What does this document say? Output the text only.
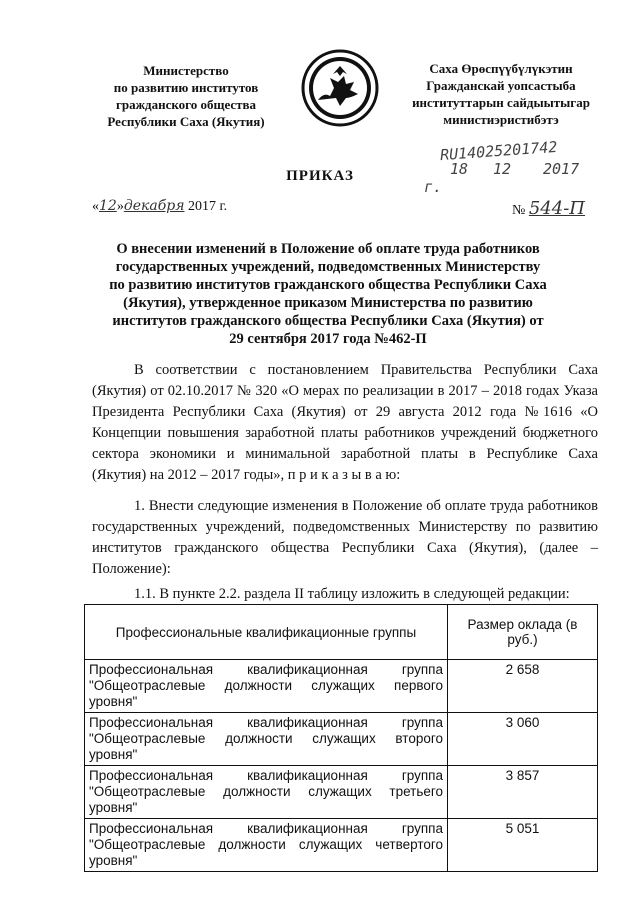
Министерство
по развитию институтов
гражданского общества
Республики Саха (Якутия)
Саха Өрөспүүбүлүкэтин
Гражданскай уопсастыба
институттарын сайдыытыгар
министиэристибэтэ
RU14025201742
18 12 2017 г.
ПРИКАЗ
«12»декабря 2017 г.	№ 544-П
О внесении изменений в Положение об оплате труда работников государственных учреждений, подведомственных Министерству по развитию институтов гражданского общества Республики Саха (Якутия), утвержденное приказом Министерства по развитию институтов гражданского общества Республики Саха (Якутия) от 29 сентября 2017 года №462-П
В соответствии с постановлением Правительства Республики Саха (Якутия) от 02.10.2017 № 320 «О мерах по реализации в 2017 – 2018 годах Указа Президента Республики Саха (Якутия) от 29 августа 2012 года №1616 «О Концепции повышения заработной платы работников учреждений бюджетного сектора экономики и минимальной заработной платы в Республике Саха (Якутия) на 2012 – 2017 годы», п р и к а з ы в а ю:
1. Внести следующие изменения в Положение об оплате труда работников государственных учреждений, подведомственных Министерству по развитию институтов гражданского общества Республики Саха (Якутия), (далее – Положение):
1.1. В пункте 2.2. раздела II таблицу изложить в следующей редакции:
Профессиональные квалификационные группы	Размер оклада (в руб.)
Профессиональная квалификационная группа "Общеотраслевые должности служащих первого уровня"	2 658
Профессиональная квалификационная группа "Общеотраслевые должности служащих второго уровня"	3 060
Профессиональная квалификационная группа "Общеотраслевые должности служащих третьего уровня"	3 857
Профессиональная квалификационная группа "Общеотраслевые должности служащих четвертого уровня"	5 051
